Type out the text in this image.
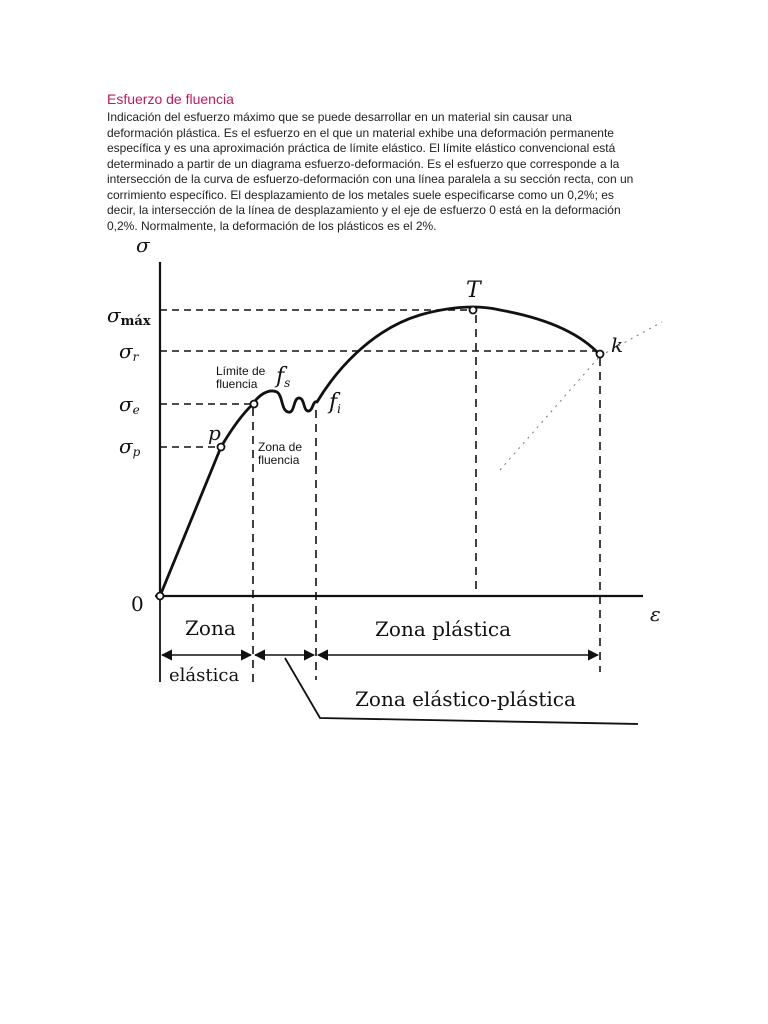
Esfuerzo de fluencia
Indicación del esfuerzo máximo que se puede desarrollar en un material sin causar una
deformación plástica. Es el esfuerzo en el que un material exhibe una deformación permanente
específica y es una aproximación práctica de límite elástico. El límite elástico convencional está
determinado a partir de un diagrama esfuerzo-deformación. Es el esfuerzo que corresponde a la
intersección de la curva de esfuerzo-deformación con una línea paralela a su sección recta, con un
corrimiento específico. El desplazamiento de los metales suele especificarse como un 0,2%; es
decir, la intersección de la línea de desplazamiento y el eje de esfuerzo 0 está en la deformación
0,2%. Normalmente, la deformación de los plásticos es el 2%.
σ
ε
0
σmáx
σr
σe
σp
T
k
p
$f_s$
$f_i$
Límite de fluencia
Zona de fluencia
Zona
elástica
Zona plástica
Zona elástico-plástica
